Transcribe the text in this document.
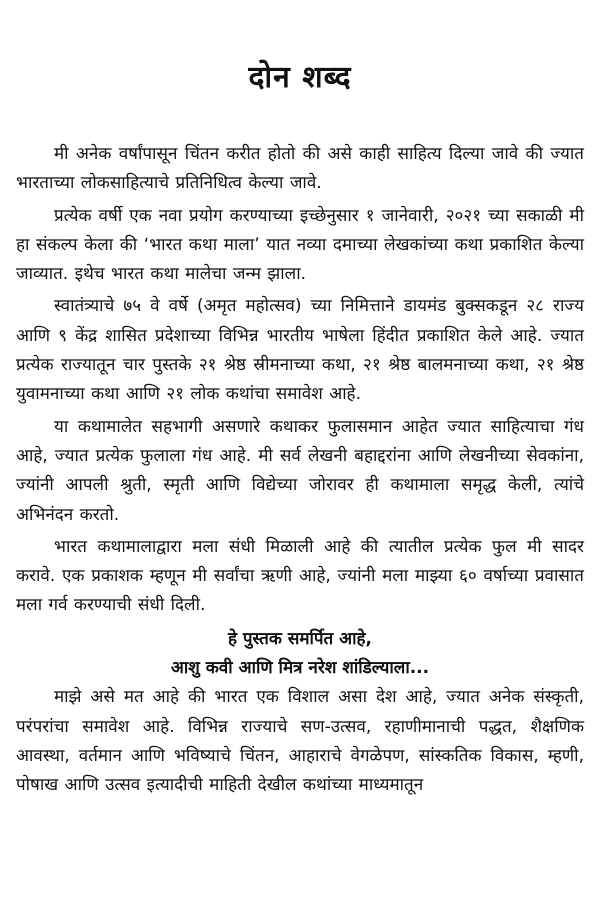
दोन शब्द

मी अनेक वर्षांपासून चिंतन करीत होतो की असे काही साहित्य दिल्या जावे की ज्यात भारताच्या लोकसाहित्याचे प्रतिनिधित्व केल्या जावे.

प्रत्येक वर्षी एक नवा प्रयोग करण्याच्या इच्छेनुसार १ जानेवारी, २०२१ च्या सकाळी मी हा संकल्प केला की ‘भारत कथा माला’ यात नव्या दमाच्या लेखकांच्या कथा प्रकाशित केल्या जाव्यात. इथेच भारत कथा मालेचा जन्म झाला.

स्वातंत्र्याचे ७५ वे वर्षे (अमृत महोत्सव) च्या निमित्ताने डायमंड बुक्सकडून २८ राज्य आणि ९ केंद्र शासित प्रदेशाच्या विभिन्न भारतीय भाषेला हिंदीत प्रकाशित केले आहे. ज्यात प्रत्येक राज्यातून चार पुस्तके २१ श्रेष्ठ स्रीमनाच्या कथा, २१ श्रेष्ठ बालमनाच्या कथा, २१ श्रेष्ठ युवामनाच्या कथा आणि २१ लोक कथांचा समावेश आहे.

या कथामालेत सहभागी असणारे कथाकर फुलासमान आहेत ज्यात साहित्याचा गंध आहे, ज्यात प्रत्येक फुलाला गंध आहे. मी सर्व लेखनी बहाद्दरांना आणि लेखनीच्या सेवकांना, ज्यांनी आपली श्रुती, स्मृती आणि विद्येच्या जोरावर ही कथामाला समृद्ध केली, त्यांचे अभिनंदन करतो.

भारत कथामालाद्वारा मला संधी मिळाली आहे की त्यातील प्रत्येक फुल मी सादर करावे. एक प्रकाशक म्हणून मी सर्वांचा ऋणी आहे, ज्यांनी मला माझ्या ६० वर्षाच्या प्रवासात मला गर्व करण्याची संधी दिली.

हे पुस्तक समर्पित आहे,
आशु कवी आणि मित्र नरेश शांडिल्याला...

माझे असे मत आहे की भारत एक विशाल असा देश आहे, ज्यात अनेक संस्कृती, परंपरांचा समावेश आहे. विभिन्न राज्याचे सण-उत्सव, रहाणीमानाची पद्धत, शैक्षणिक आवस्था, वर्तमान आणि भविष्याचे चिंतन, आहाराचे वेगळेपण, सांस्कतिक विकास, म्हणी, पोषाख आणि उत्सव इत्यादीची माहिती देखील कथांच्या माध्यमातून
